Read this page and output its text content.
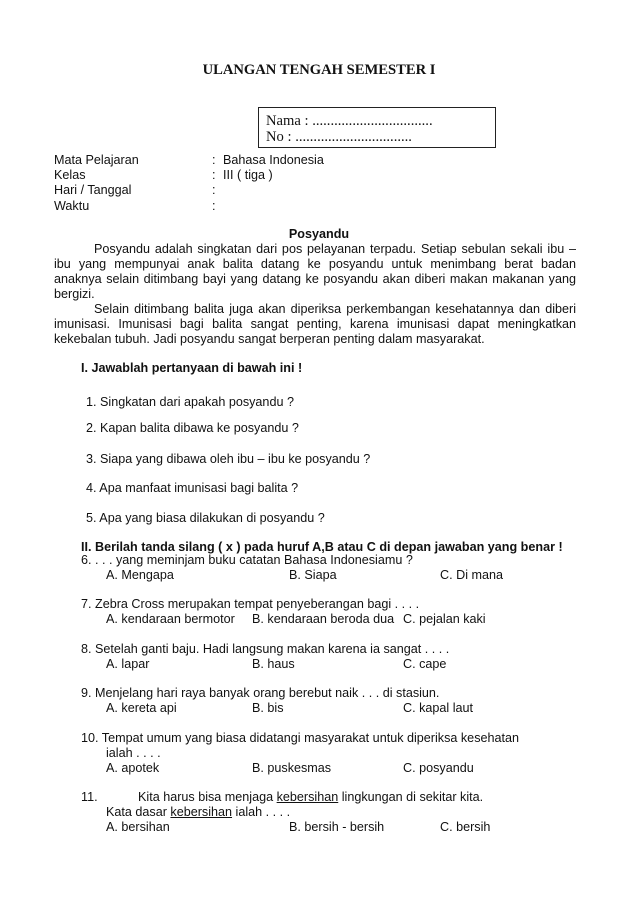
ULANGAN TENGAH SEMESTER I
Nama : .................................
No : ................................
Mata Pelajaran	: Bahasa Indonesia
Kelas	: III ( tiga )
Hari / Tanggal	:
Waktu	:
Posyandu

Posyandu adalah singkatan dari pos pelayanan terpadu. Setiap sebulan sekali ibu – ibu yang mempunyai anak balita datang ke posyandu untuk menimbang berat badan anaknya selain ditimbang bayi yang datang ke posyandu akan diberi makan makanan yang bergizi.

Selain ditimbang balita juga akan diperiksa perkembangan kesehatannya dan diberi imunisasi. Imunisasi bagi balita sangat penting, karena imunisasi dapat meningkatkan kekebalan tubuh. Jadi posyandu sangat berperan penting dalam masyarakat.

I. Jawablah pertanyaan di bawah ini !
1. Singkatan dari apakah posyandu ?
2. Kapan balita dibawa ke posyandu ?
3. Siapa yang dibawa oleh ibu – ibu ke posyandu ?
4. Apa manfaat imunisasi bagi balita ?
5. Apa yang biasa dilakukan di posyandu ?
II. Berilah tanda silang ( x ) pada huruf A,B atau C di depan jawaban yang benar !
6. . . . yang meminjam buku catatan Bahasa Indonesiamu ?
A. Mengapa	B. Siapa	C. Di mana
7. Zebra Cross merupakan tempat penyeberangan bagi . . . .
A. kendaraan bermotor B. kendaraan beroda dua C. pejalan kaki
8. Setelah ganti baju. Hadi langsung makan karena ia sangat . . . .
A. lapar	B. haus	C. cape
9. Menjelang hari raya banyak orang berebut naik . . . di stasiun.
A. kereta api	B. bis	C. kapal laut
10. Tempat umum yang biasa didatangi masyarakat untuk diperiksa kesehatan
ialah . . . .
A. apotek	B. puskesmas	C. posyandu
11.	Kita harus bisa menjaga kebersihan lingkungan di sekitar kita.
Kata dasar kebersihan ialah . . . .
A. bersihan	B. bersih - bersih	C. bersih
